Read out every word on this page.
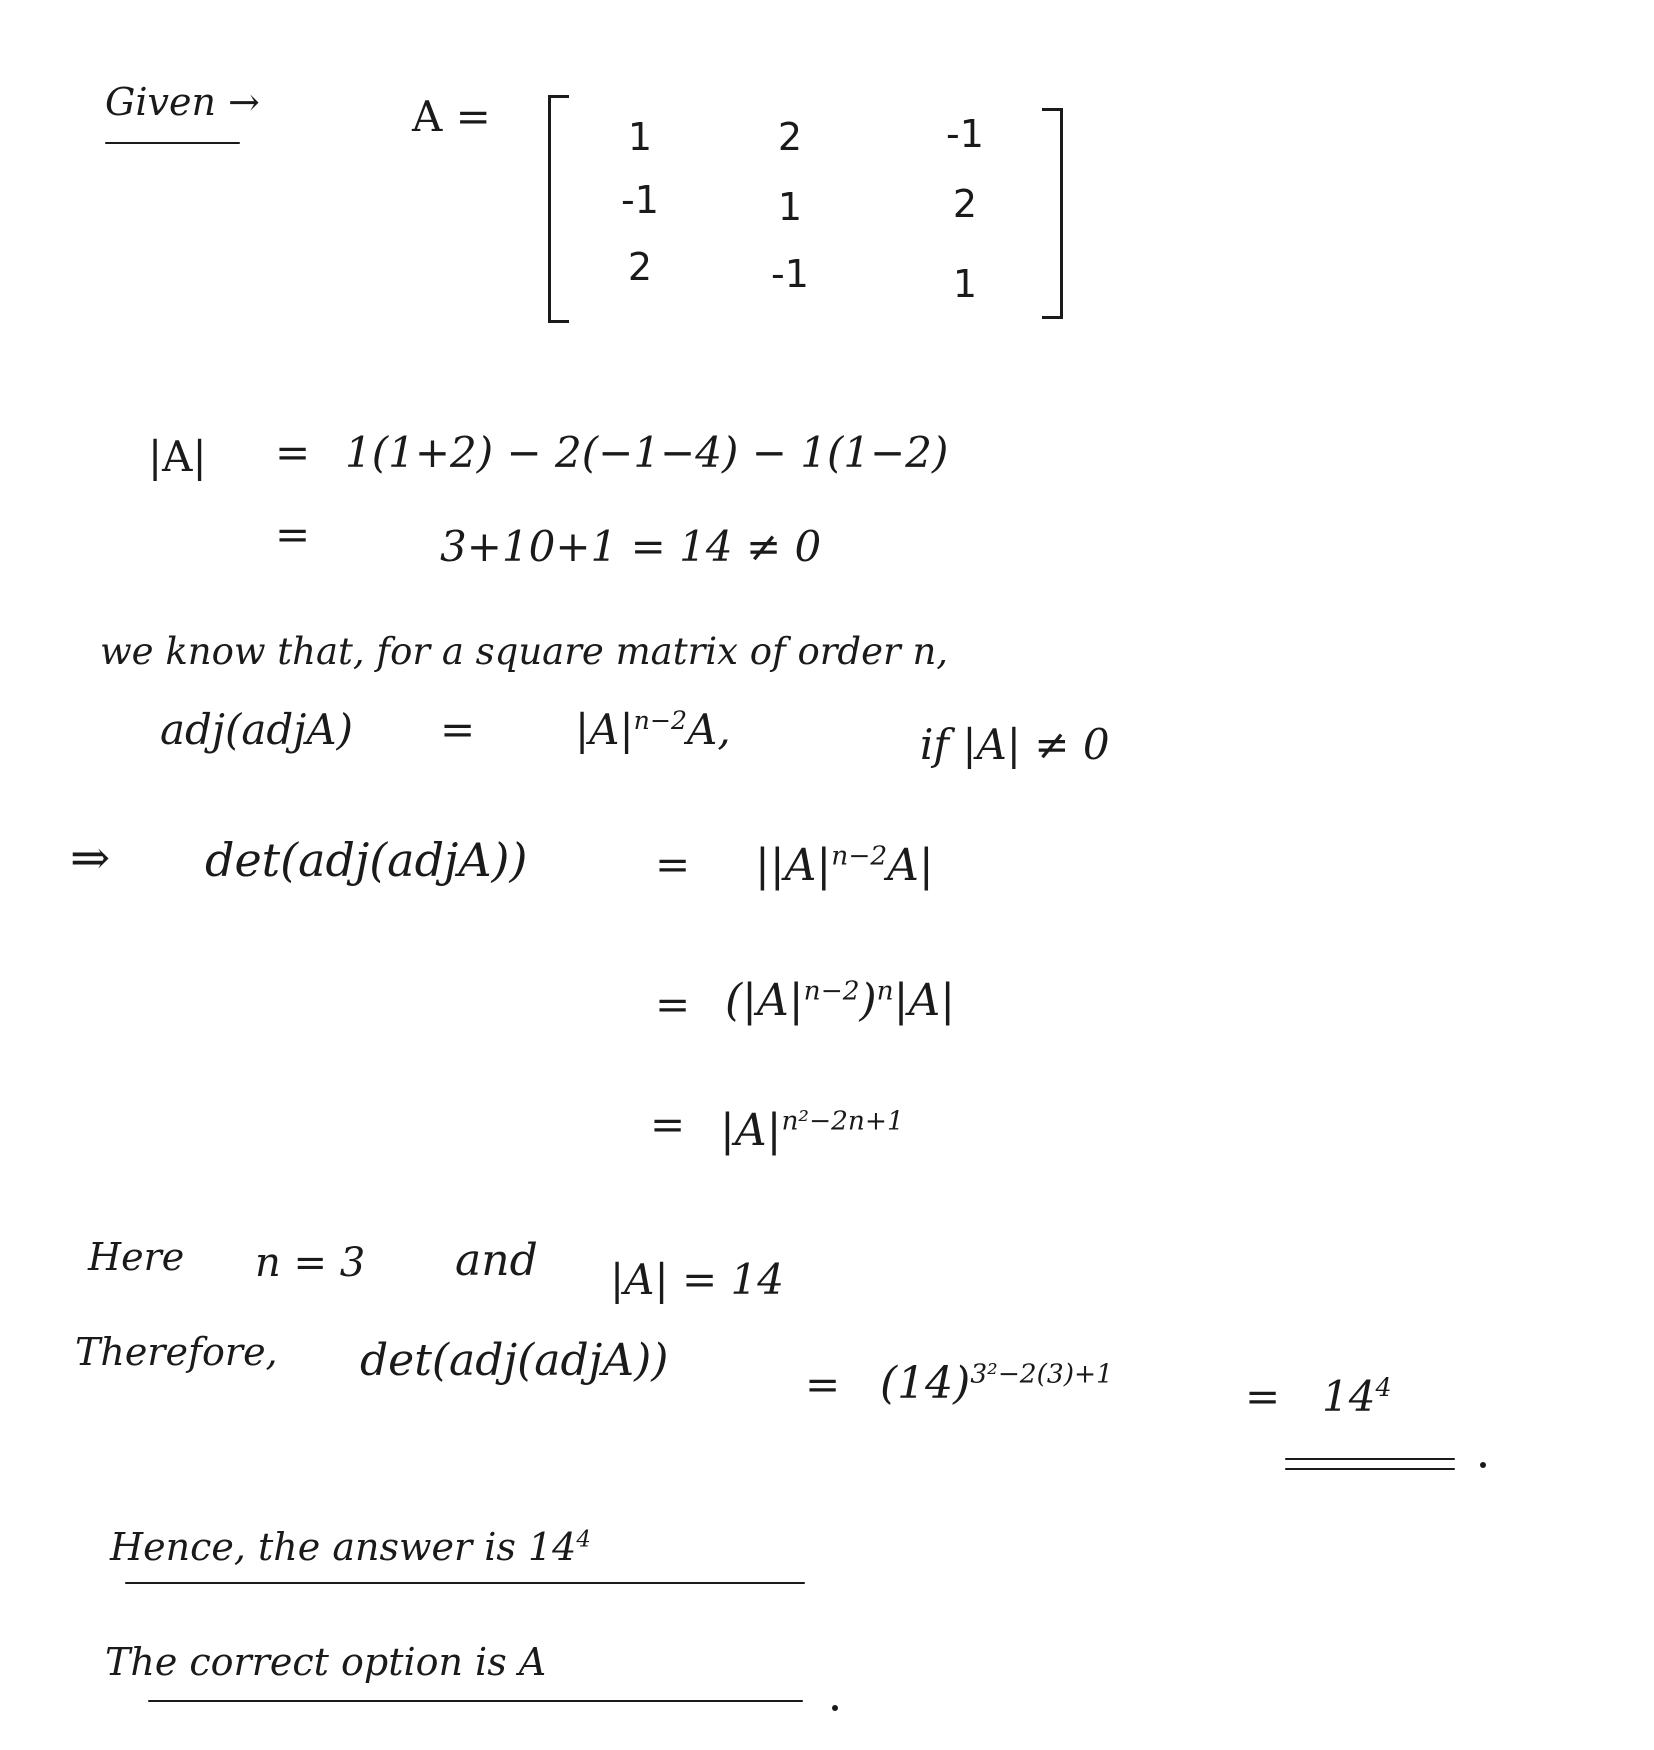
Given →	A =	1	2	-1
-1	1	2
2	-1	1
|A| = 1(1+2) − 2(−1−4) − 1(1−2)
=	3+10+1 = 14 ≠ 0
we know that, for a square matrix of order n,
adj(adjA) = $|A|^{n-2}A$,	if |A| ≠ 0
⇒ det(adj(adjA))	= $||A|^{n-2}A|$
= $(|A|^{n-2})^n|A|$
= $|A|^{n^2-2n+1}$
Here n = 3 and |A| = 14
Therefore, det(adj(adjA))	= $(14)^{3^2-2(3)+1}$	= $14^4$
Hence, the answer is $14^4$
The correct option is A
